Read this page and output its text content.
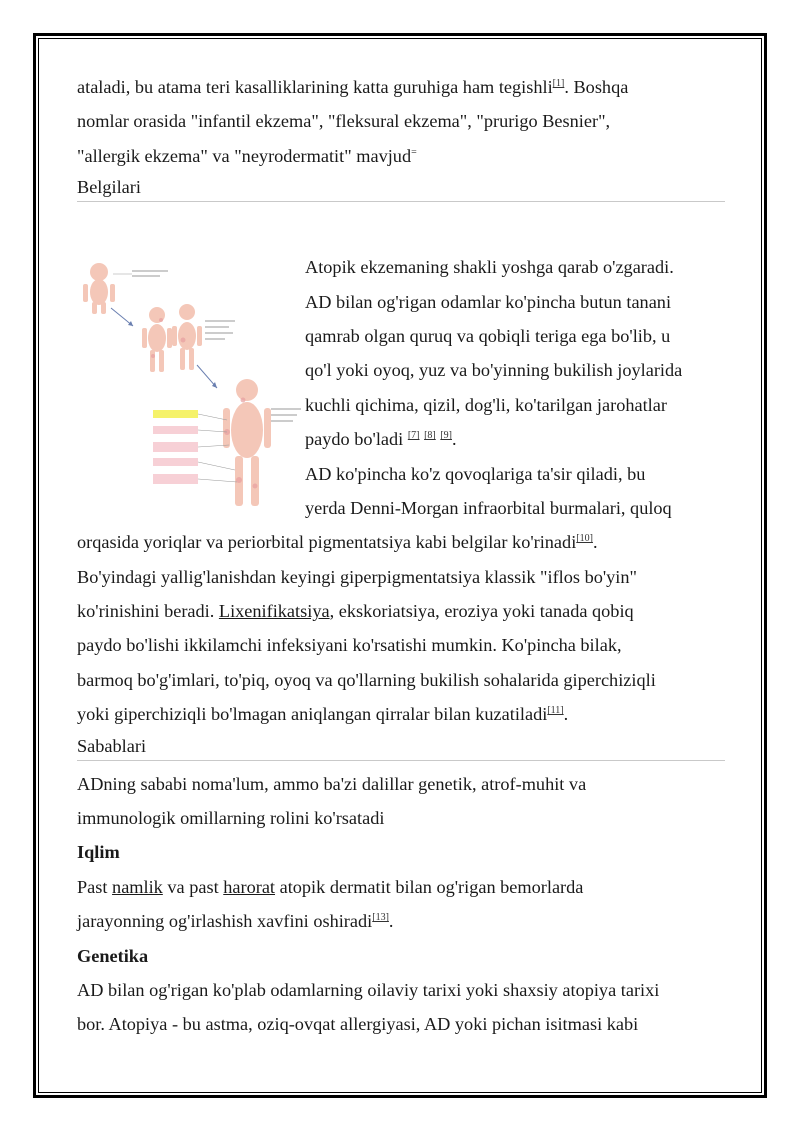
ataladi, bu atama teri kasalliklarining katta guruhiga ham tegishli[1]. Boshqa
nomlar orasida "infantil ekzema", "fleksural ekzema", "prurigo Besnier",
"allergik ekzema" va "neyrodermatit" mavjud=
Belgilari
Atopik ekzemaning shakli yoshga qarab o'zgaradi.
AD bilan og'rigan odamlar ko'pincha butun tanani
qamrab olgan quruq va qobiqli teriga ega bo'lib, u
qo'l yoki oyoq, yuz va bo'yinning bukilish joylarida
kuchli qichima, qizil, dog'li, ko'tarilgan jarohatlar
paydo bo'ladi [7] [8] [9].
AD ko'pincha ko'z qovoqlariga ta'sir qiladi, bu
yerda Denni-Morgan infraorbital burmalari, quloq
orqasida yoriqlar va periorbital pigmentatsiya kabi belgilar ko'rinadi[10].
Bo'yindagi yallig'lanishdan keyingi giperpigmentatsiya klassik "iflos bo'yin"
ko'rinishini beradi. Lixenifikatsiya, ekskoriatsiya, eroziya yoki tanada qobiq
paydo bo'lishi ikkilamchi infeksiyani ko'rsatishi mumkin. Ko'pincha bilak,
barmoq bo'g'imlari, to'piq, oyoq va qo'llarning bukilish sohalarida giperchiziqli
yoki giperchiziqli bo'lmagan aniqlangan qirralar bilan kuzatiladi[11].
Sabablari
ADning sababi noma'lum, ammo ba'zi dalillar genetik, atrof-muhit va
immunologik omillarning rolini ko'rsatadi
Iqlim
Past namlik va past harorat atopik dermatit bilan og'rigan bemorlarda
jarayonning og'irlashish xavfini oshiradi[13].
Genetika
AD bilan og'rigan ko'plab odamlarning oilaviy tarixi yoki shaxsiy atopiya tarixi
bor. Atopiya - bu astma, oziq-ovqat allergiyasi, AD yoki pichan isitmasi kabi
